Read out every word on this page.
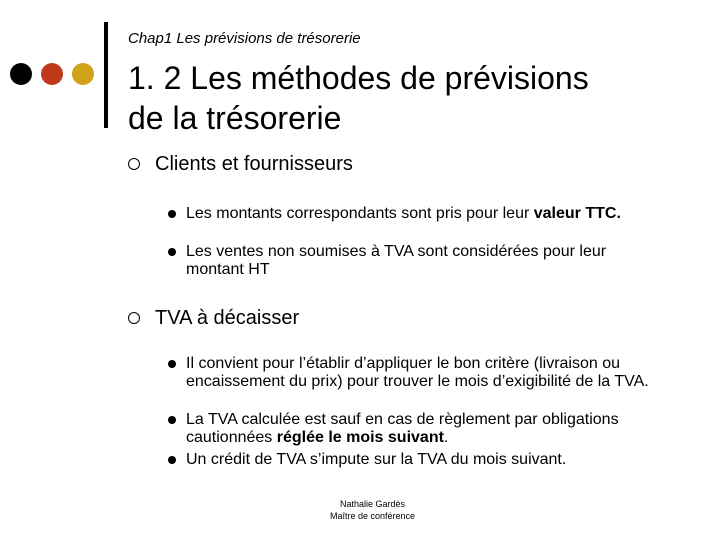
Chap1 Les prévisions de trésorerie
1. 2 Les méthodes de prévisions
de la trésorerie
Clients et fournisseurs
Les montants correspondants sont pris pour leur valeur TTC.
Les ventes non soumises à TVA sont considérées pour leur montant HT
TVA à décaisser
Il convient pour l’établir d’appliquer le bon critère (livraison ou encaissement du prix) pour trouver le mois d’exigibilité de la TVA.
La TVA calculée est sauf en cas de règlement par obligations cautionnées réglée le mois suivant.
Un crédit de TVA s’impute sur la TVA du mois suivant.
Nathalie Gardès
Maître de conférence
